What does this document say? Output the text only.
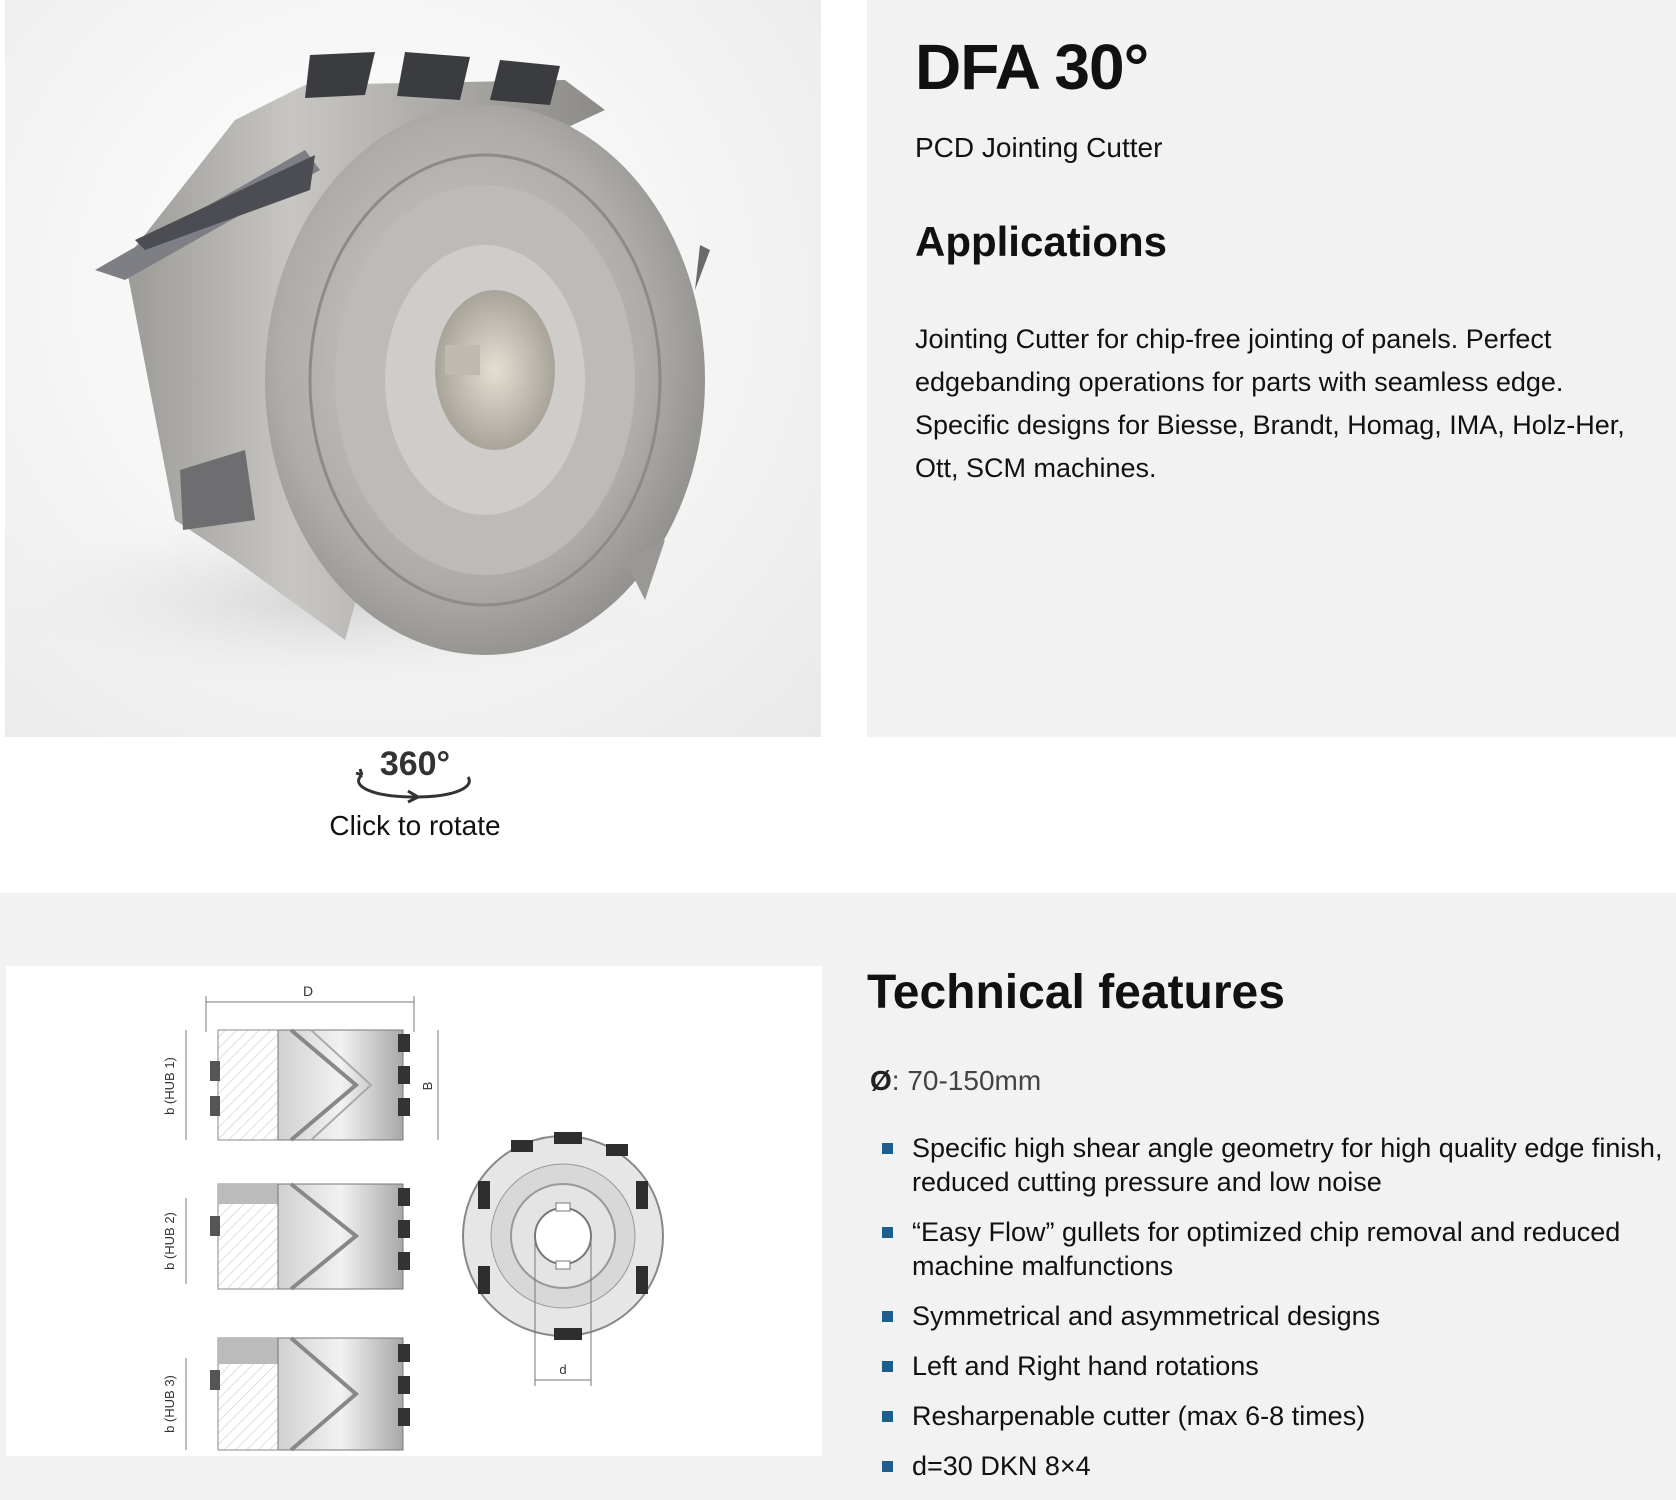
360°
Click to rotate
DFA 30°
PCD Jointing Cutter
Applications

Jointing Cutter for chip-free jointing of panels. Perfect edgebanding operations for parts with seamless edge. Specific designs for Biesse, Brandt, Homag, IMA, Holz-Her, Ott, SCM machines.

D
b (HUB 1)	B
b (HUB 2)
b (HUB 3)
d
Technical features
Ø: 70-150mm
Specific high shear angle geometry for high quality edge finish, reduced cutting pressure and low noise
“Easy Flow” gullets for optimized chip removal and reduced machine malfunctions
Symmetrical and asymmetrical designs
Left and Right hand rotations
Resharpenable cutter (max 6-8 times)
d=30 DKN 8×4
